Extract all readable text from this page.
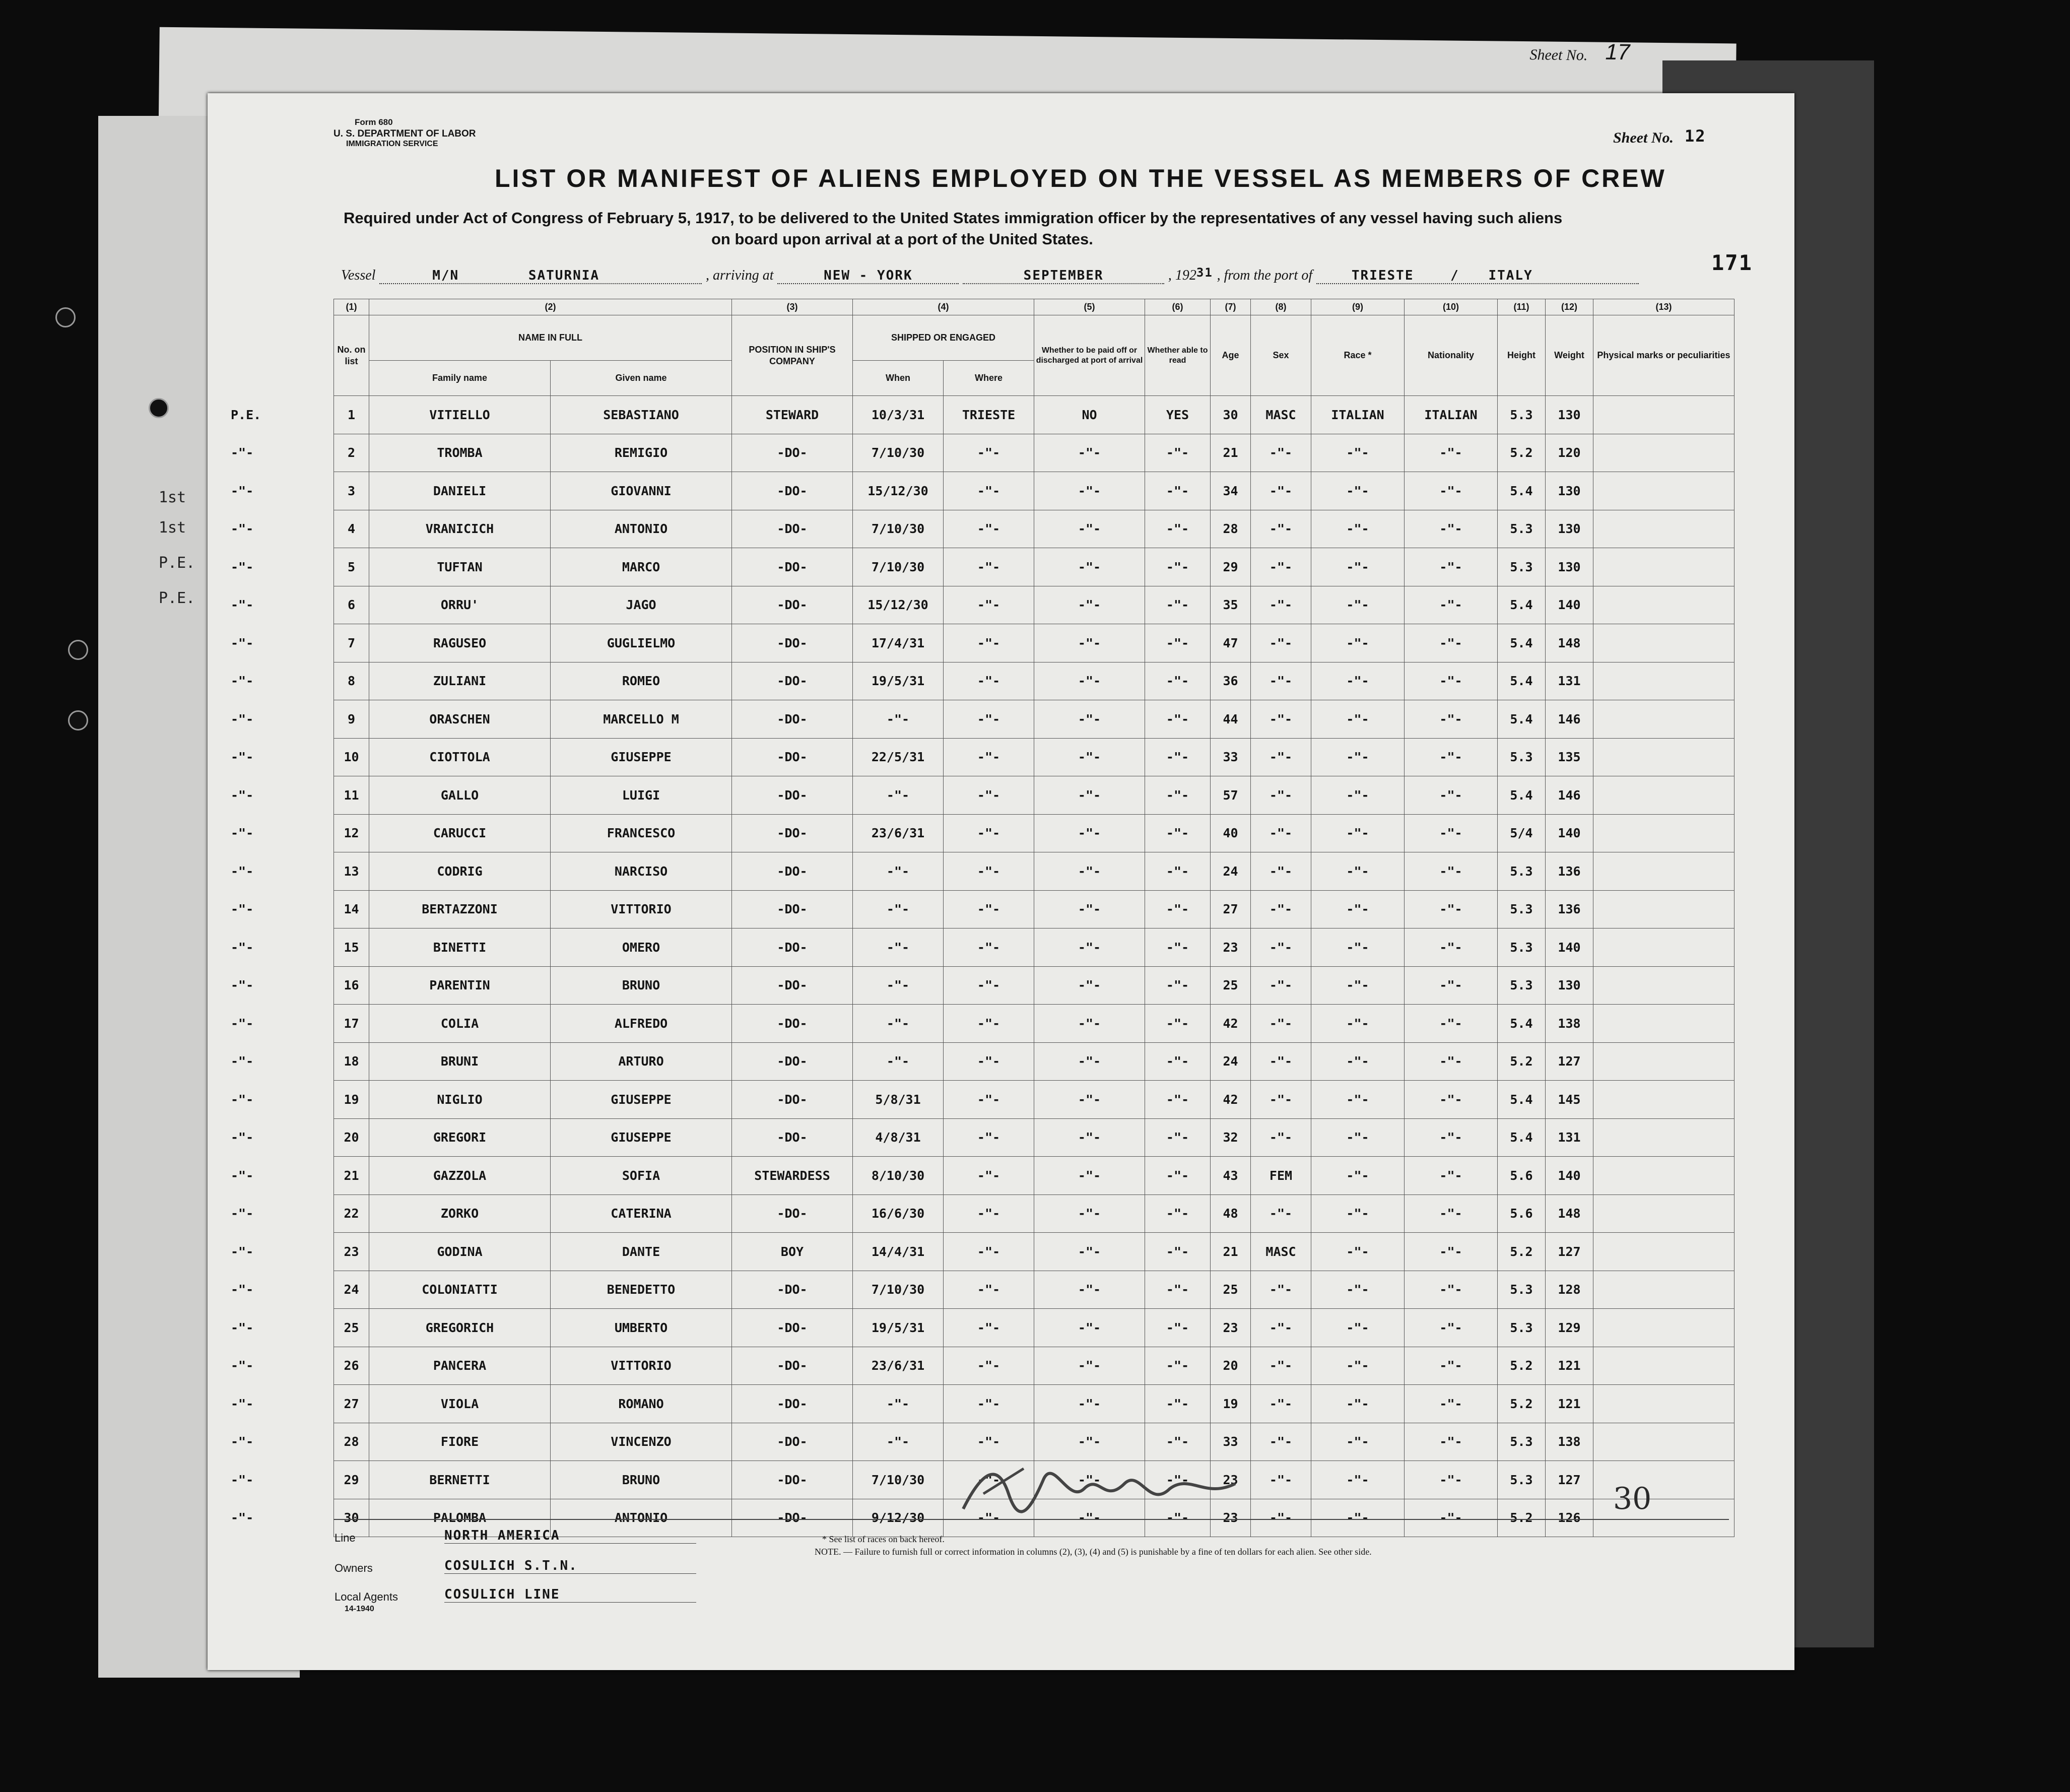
Sheet No. 17
1st
1st
P.E.
P.E.
Form 680
U. S. DEPARTMENT OF LABOR
IMMIGRATION SERVICE	Sheet No. 12
LIST OR MANIFEST OF ALIENS EMPLOYED ON THE VESSEL AS MEMBERS OF CREW
Required under Act of Congress of February 5, 1917, to be delivered to the United States immigration officer by the representatives of any vessel having such aliens
on board upon arrival at a port of the United States.
171
Vessel	M/N	SATURNIA	, arriving at	NEW - YORK	SEPTEMBER	, 19231 , from the port of	TRIESTE	/ ITALY
(1)	(2)		(3)	(4)		(5)	(6)	(7)	(8)	(9)	(10)	(11)	(12)	(13)
No. on list	NAME IN FULL		POSITION IN SHIP'S COMPANY	SHIPPED OR ENGAGED		Whether to be paid off or discharged at port of arrival	Whether able to read	Age	Sex	Race *	Nationality	Height	Weight	Physical marks or peculiarities
	Family name	Given name		When	Where									

P.E. 1	VITIELLO	SEBASTIANO	STEWARD	10/3/31	TRIESTE	NO	YES	30	MASC	ITALIAN	ITALIAN	5.3	130	

-"- 2	TROMBA	REMIGIO	-DO-	7/10/30	-"-	-"-	-"-	21	-"-	-"-	-"-	5.2	120	

-"- 3	DANIELI	GIOVANNI	-DO-	15/12/30	-"-	-"-	-"-	34	-"-	-"-	-"-	5.4	130	

-"- 4	VRANICICH	ANTONIO	-DO-	7/10/30	-"-	-"-	-"-	28	-"-	-"-	-"-	5.3	130	

-"- 5	TUFTAN	MARCO	-DO-	7/10/30	-"-	-"-	-"-	29	-"-	-"-	-"-	5.3	130	

-"- 6	ORRU'	JAGO	-DO-	15/12/30	-"-	-"-	-"-	35	-"-	-"-	-"-	5.4	140	

-"- 7	RAGUSEO	GUGLIELMO	-DO-	17/4/31	-"-	-"-	-"-	47	-"-	-"-	-"-	5.4	148	

-"- 8	ZULIANI	ROMEO	-DO-	19/5/31	-"-	-"-	-"-	36	-"-	-"-	-"-	5.4	131	

-"- 9	ORASCHEN	MARCELLO M	-DO-	-"-	-"-	-"-	-"-	44	-"-	-"-	-"-	5.4	146	

-"- 10	CIOTTOLA	GIUSEPPE	-DO-	22/5/31	-"-	-"-	-"-	33	-"-	-"-	-"-	5.3	135	

-"- 11	GALLO	LUIGI	-DO-	-"-	-"-	-"-	-"-	57	-"-	-"-	-"-	5.4	146	

-"- 12	CARUCCI	FRANCESCO	-DO-	23/6/31	-"-	-"-	-"-	40	-"-	-"-	-"-	5/4	140	

-"- 13	CODRIG	NARCISO	-DO-	-"-	-"-	-"-	-"-	24	-"-	-"-	-"-	5.3	136	

-"- 14	BERTAZZONI	VITTORIO	-DO-	-"-	-"-	-"-	-"-	27	-"-	-"-	-"-	5.3	136	

-"- 15	BINETTI	OMERO	-DO-	-"-	-"-	-"-	-"-	23	-"-	-"-	-"-	5.3	140	

-"- 16	PARENTIN	BRUNO	-DO-	-"-	-"-	-"-	-"-	25	-"-	-"-	-"-	5.3	130	

-"- 17	COLIA	ALFREDO	-DO-	-"-	-"-	-"-	-"-	42	-"-	-"-	-"-	5.4	138	

-"- 18	BRUNI	ARTURO	-DO-	-"-	-"-	-"-	-"-	24	-"-	-"-	-"-	5.2	127	

-"- 19	NIGLIO	GIUSEPPE	-DO-	5/8/31	-"-	-"-	-"-	42	-"-	-"-	-"-	5.4	145	

-"- 20	GREGORI	GIUSEPPE	-DO-	4/8/31	-"-	-"-	-"-	32	-"-	-"-	-"-	5.4	131	

-"- 21	GAZZOLA	SOFIA	STEWARDESS	8/10/30	-"-	-"-	-"-	43	FEM	-"-	-"-	5.6	140	

-"- 22	ZORKO	CATERINA	-DO-	16/6/30	-"-	-"-	-"-	48	-"-	-"-	-"-	5.6	148	

-"- 23	GODINA	DANTE	BOY	14/4/31	-"-	-"-	-"-	21	MASC	-"-	-"-	5.2	127	

-"- 24	COLONIATTI	BENEDETTO	-DO-	7/10/30	-"-	-"-	-"-	25	-"-	-"-	-"-	5.3	128	

-"- 25	GREGORICH	UMBERTO	-DO-	19/5/31	-"-	-"-	-"-	23	-"-	-"-	-"-	5.3	129	

-"- 26	PANCERA	VITTORIO	-DO-	23/6/31	-"-	-"-	-"-	20	-"-	-"-	-"-	5.2	121	

-"- 27	VIOLA	ROMANO	-DO-	-"-	-"-	-"-	-"-	19	-"-	-"-	-"-	5.2	121	

-"- 28	FIORE	VINCENZO	-DO-	-"-	-"-	-"-	-"-	33	-"-	-"-	-"-	5.3	138	

-"- 29	BERNETTI	BRUNO	-DO-	7/10/30	-"-	-"-	-"-	23	-"-	-"-	-"-	5.3	127	

-"- 30	PALOMBA	ANTONIO	-DO-	9/12/30	-"-	-"-	-"-	23	-"-	-"-	-"-	5.2	126	
Line	NORTH AMERICA
Owners	COSULICH S.T.N.
Local Agents	COSULICH LINE
14-1940
* See list of races on back hereof.
NOTE. — Failure to furnish full or correct information in columns (2), (3), (4) and (5) is punishable by a fine of ten dollars for each alien. See other side.
30
